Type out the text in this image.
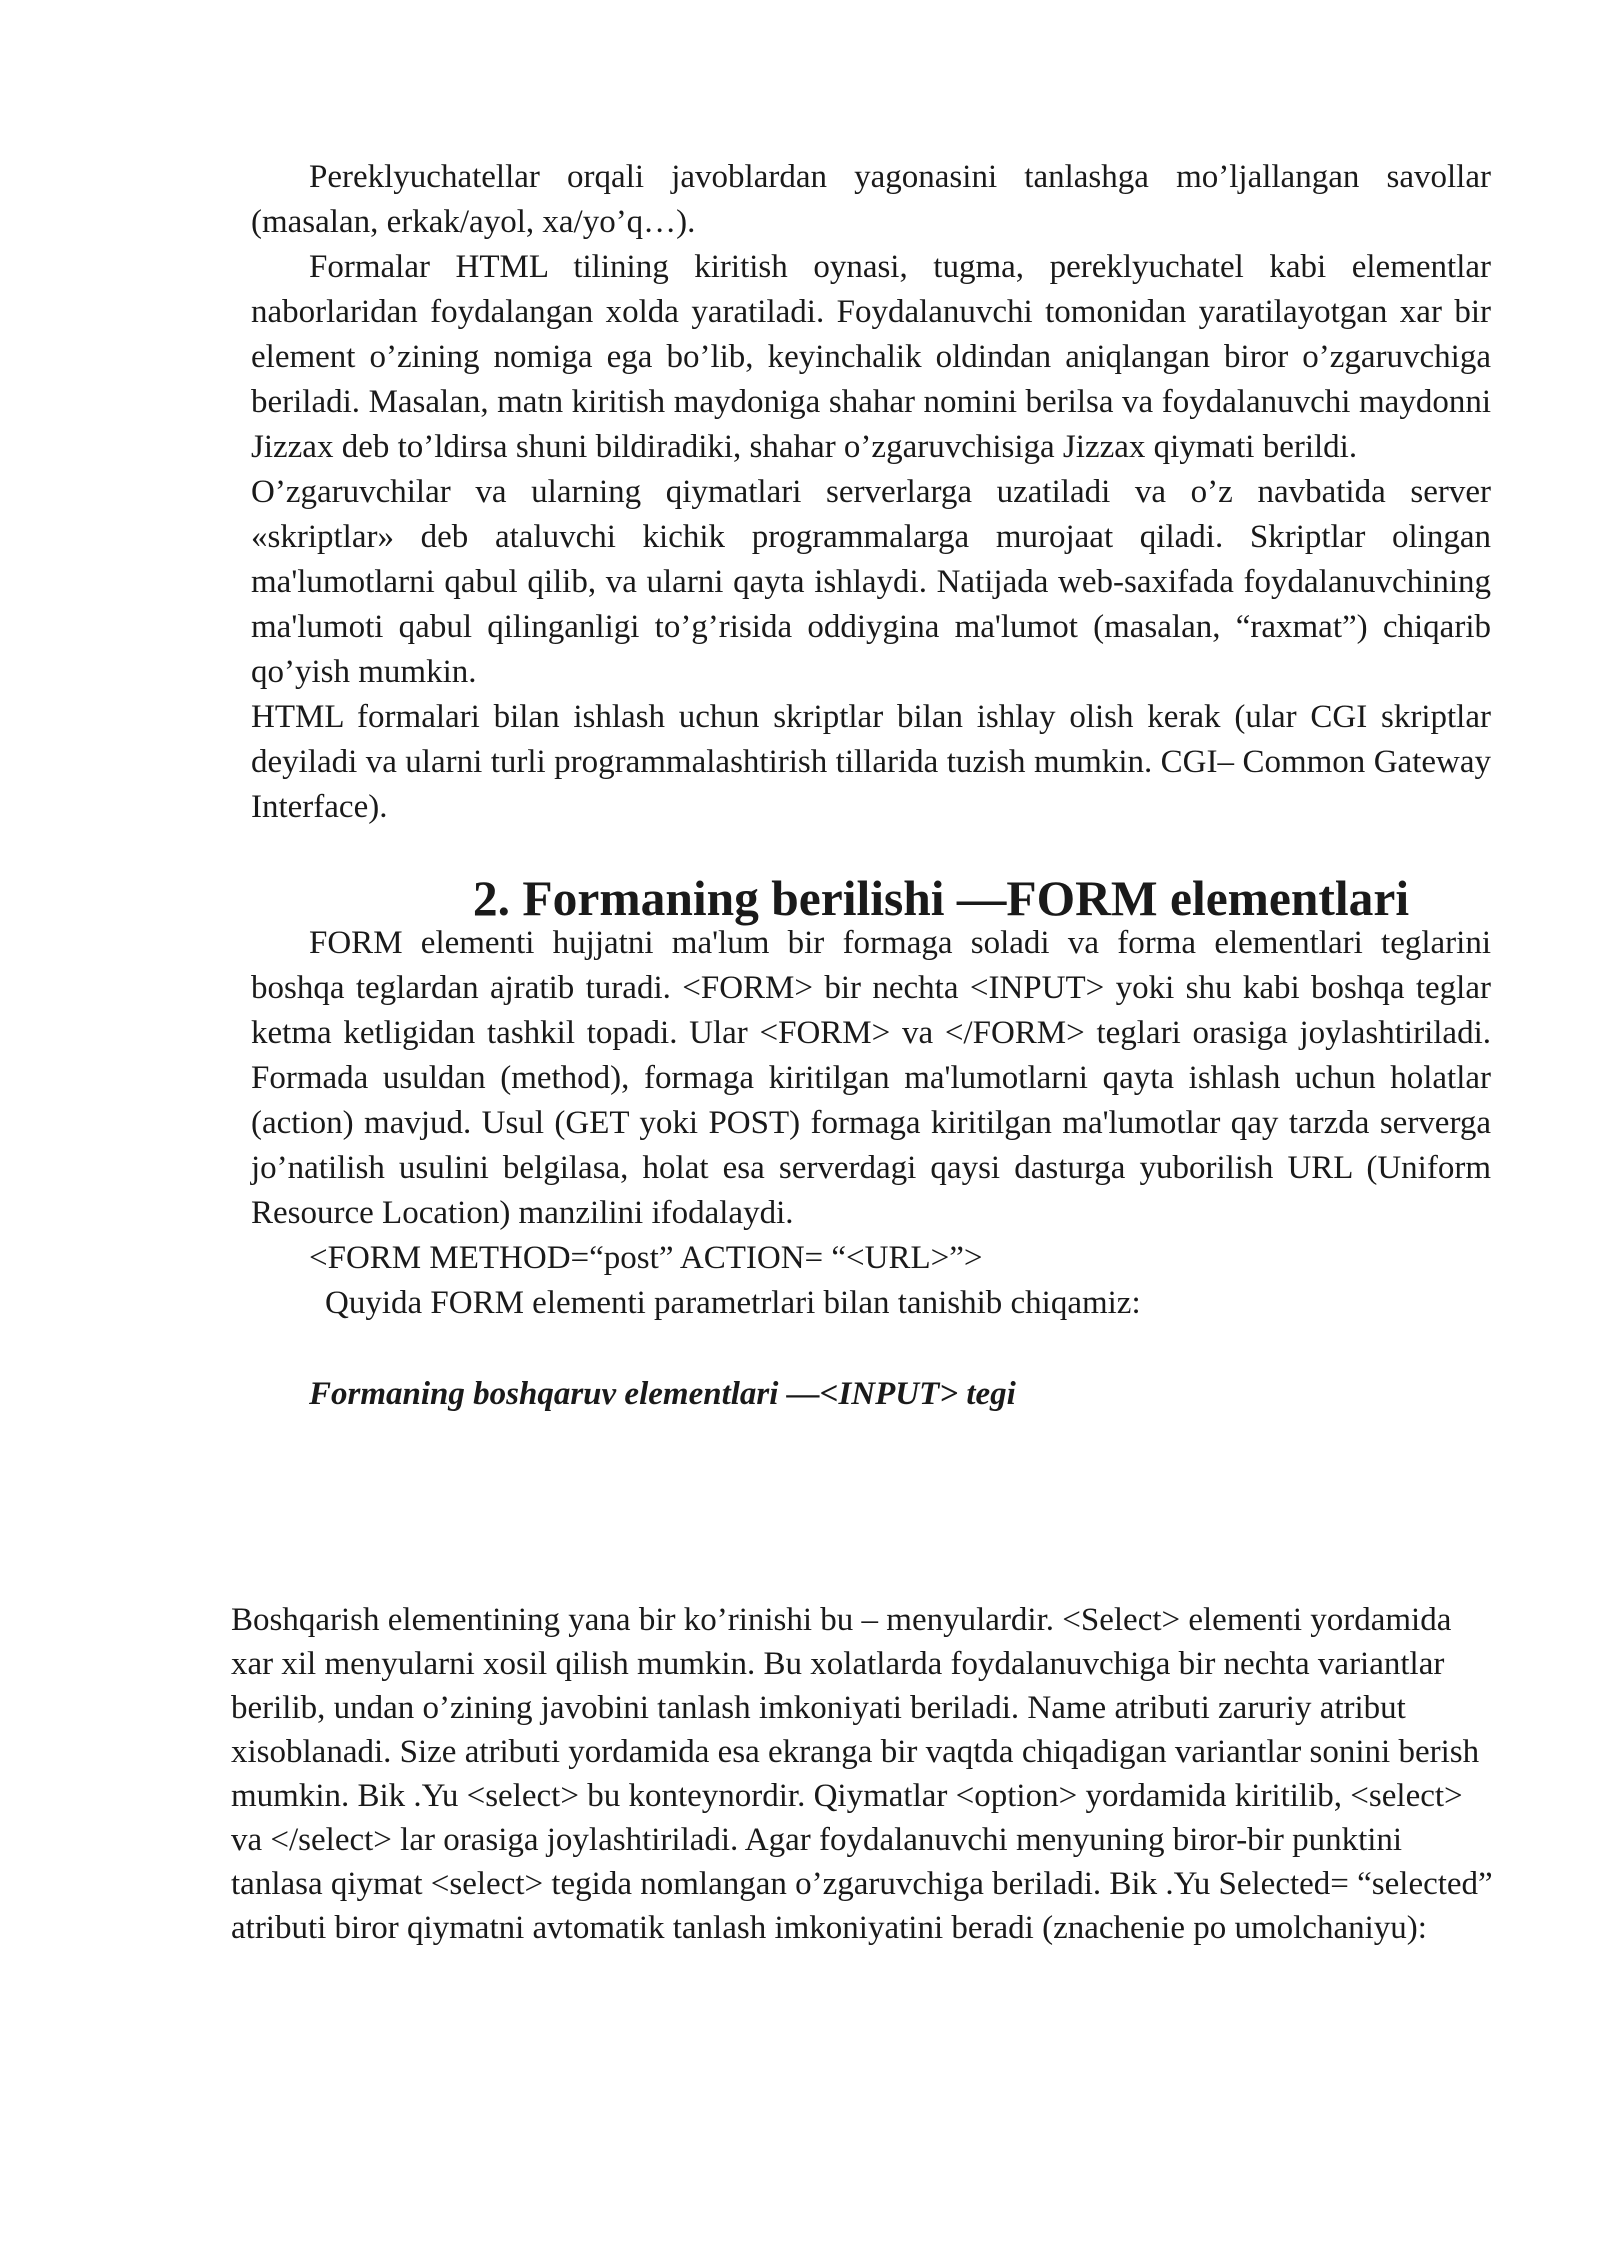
Pereklyuchatellar orqali javoblardan yagonasini tanlashga mo’ljallangan savollar (masalan, erkak/ayol, xa/yo’q…).

Formalar HTML tilining kiritish oynasi, tugma, pereklyuchatel kabi elementlar naborlaridan foydalangan xolda yaratiladi. Foydalanuvchi tomonidan yaratilayotgan xar bir element o’zining nomiga ega bo’lib, keyinchalik oldindan aniqlangan biror o’zgaruvchiga beriladi. Masalan, matn kiritish maydoniga shahar nomini berilsa va foydalanuvchi maydonni Jizzax deb to’ldirsa shuni bildiradiki, shahar o’zgaruvchisiga Jizzax qiymati berildi.

O’zgaruvchilar va ularning qiymatlari serverlarga uzatiladi va o’z navbatida server «skriptlar» deb ataluvchi kichik programmalarga murojaat qiladi. Skriptlar olingan ma'lumotlarni qabul qilib, va ularni qayta ishlaydi. Natijada web-saxifada foydalanuvchining ma'lumoti qabul qilinganligi to’g’risida oddiygina ma'lumot (masalan, “raxmat”) chiqarib qo’yish mumkin.

HTML formalari bilan ishlash uchun skriptlar bilan ishlay olish kerak (ular CGI skriptlar deyiladi va ularni turli programmalashtirish tillarida tuzish mumkin. CGI– Common Gateway Interface).

2. Formaning berilishi —FORM elementlari

FORM elementi hujjatni ma'lum bir formaga soladi va forma elementlari teglarini boshqa teglardan ajratib turadi. <FORM> bir nechta <INPUT> yoki shu kabi boshqa teglar ketma ketligidan tashkil topadi. Ular <FORM> va </FORM> teglari orasiga joylashtiriladi. Formada usuldan (method), formaga kiritilgan ma'lumotlarni qayta ishlash uchun holatlar (action) mavjud. Usul (GET yoki POST) formaga kiritilgan ma'lumotlar qay tarzda serverga jo’natilish usulini belgilasa, holat esa serverdagi qaysi dasturga yuborilish URL (Uniform Resource Location) manzilini ifodalaydi.

<FORM METHOD=“post” ACTION= “<URL>”>

Quyida FORM elementi parametrlari bilan tanishib chiqamiz:

Formaning boshqaruv elementlari —<INPUT> tegi

Boshqarish elementining yana bir ko’rinishi bu – menyulardir. <Select> elementi yordamida xar xil menyularni xosil qilish mumkin. Bu xolatlarda foydalanuvchiga bir nechta variantlar berilib, undan o’zining javobini tanlash imkoniyati beriladi. Name atributi zaruriy atribut xisoblanadi. Size atributi yordamida esa ekranga bir vaqtda chiqadigan variantlar sonini berish mumkin. Bik .Yu <select> bu konteynordir. Qiymatlar <option> yordamida kiritilib, <select> va </select> lar orasiga joylashtiriladi. Agar foydalanuvchi menyuning biror-bir punktini tanlasa qiymat <select> tegida nomlangan o’zgaruvchiga beriladi. Bik .Yu Selected= “selected” atributi biror qiymatni avtomatik tanlash imkoniyatini beradi (znachenie po umolchaniyu):
